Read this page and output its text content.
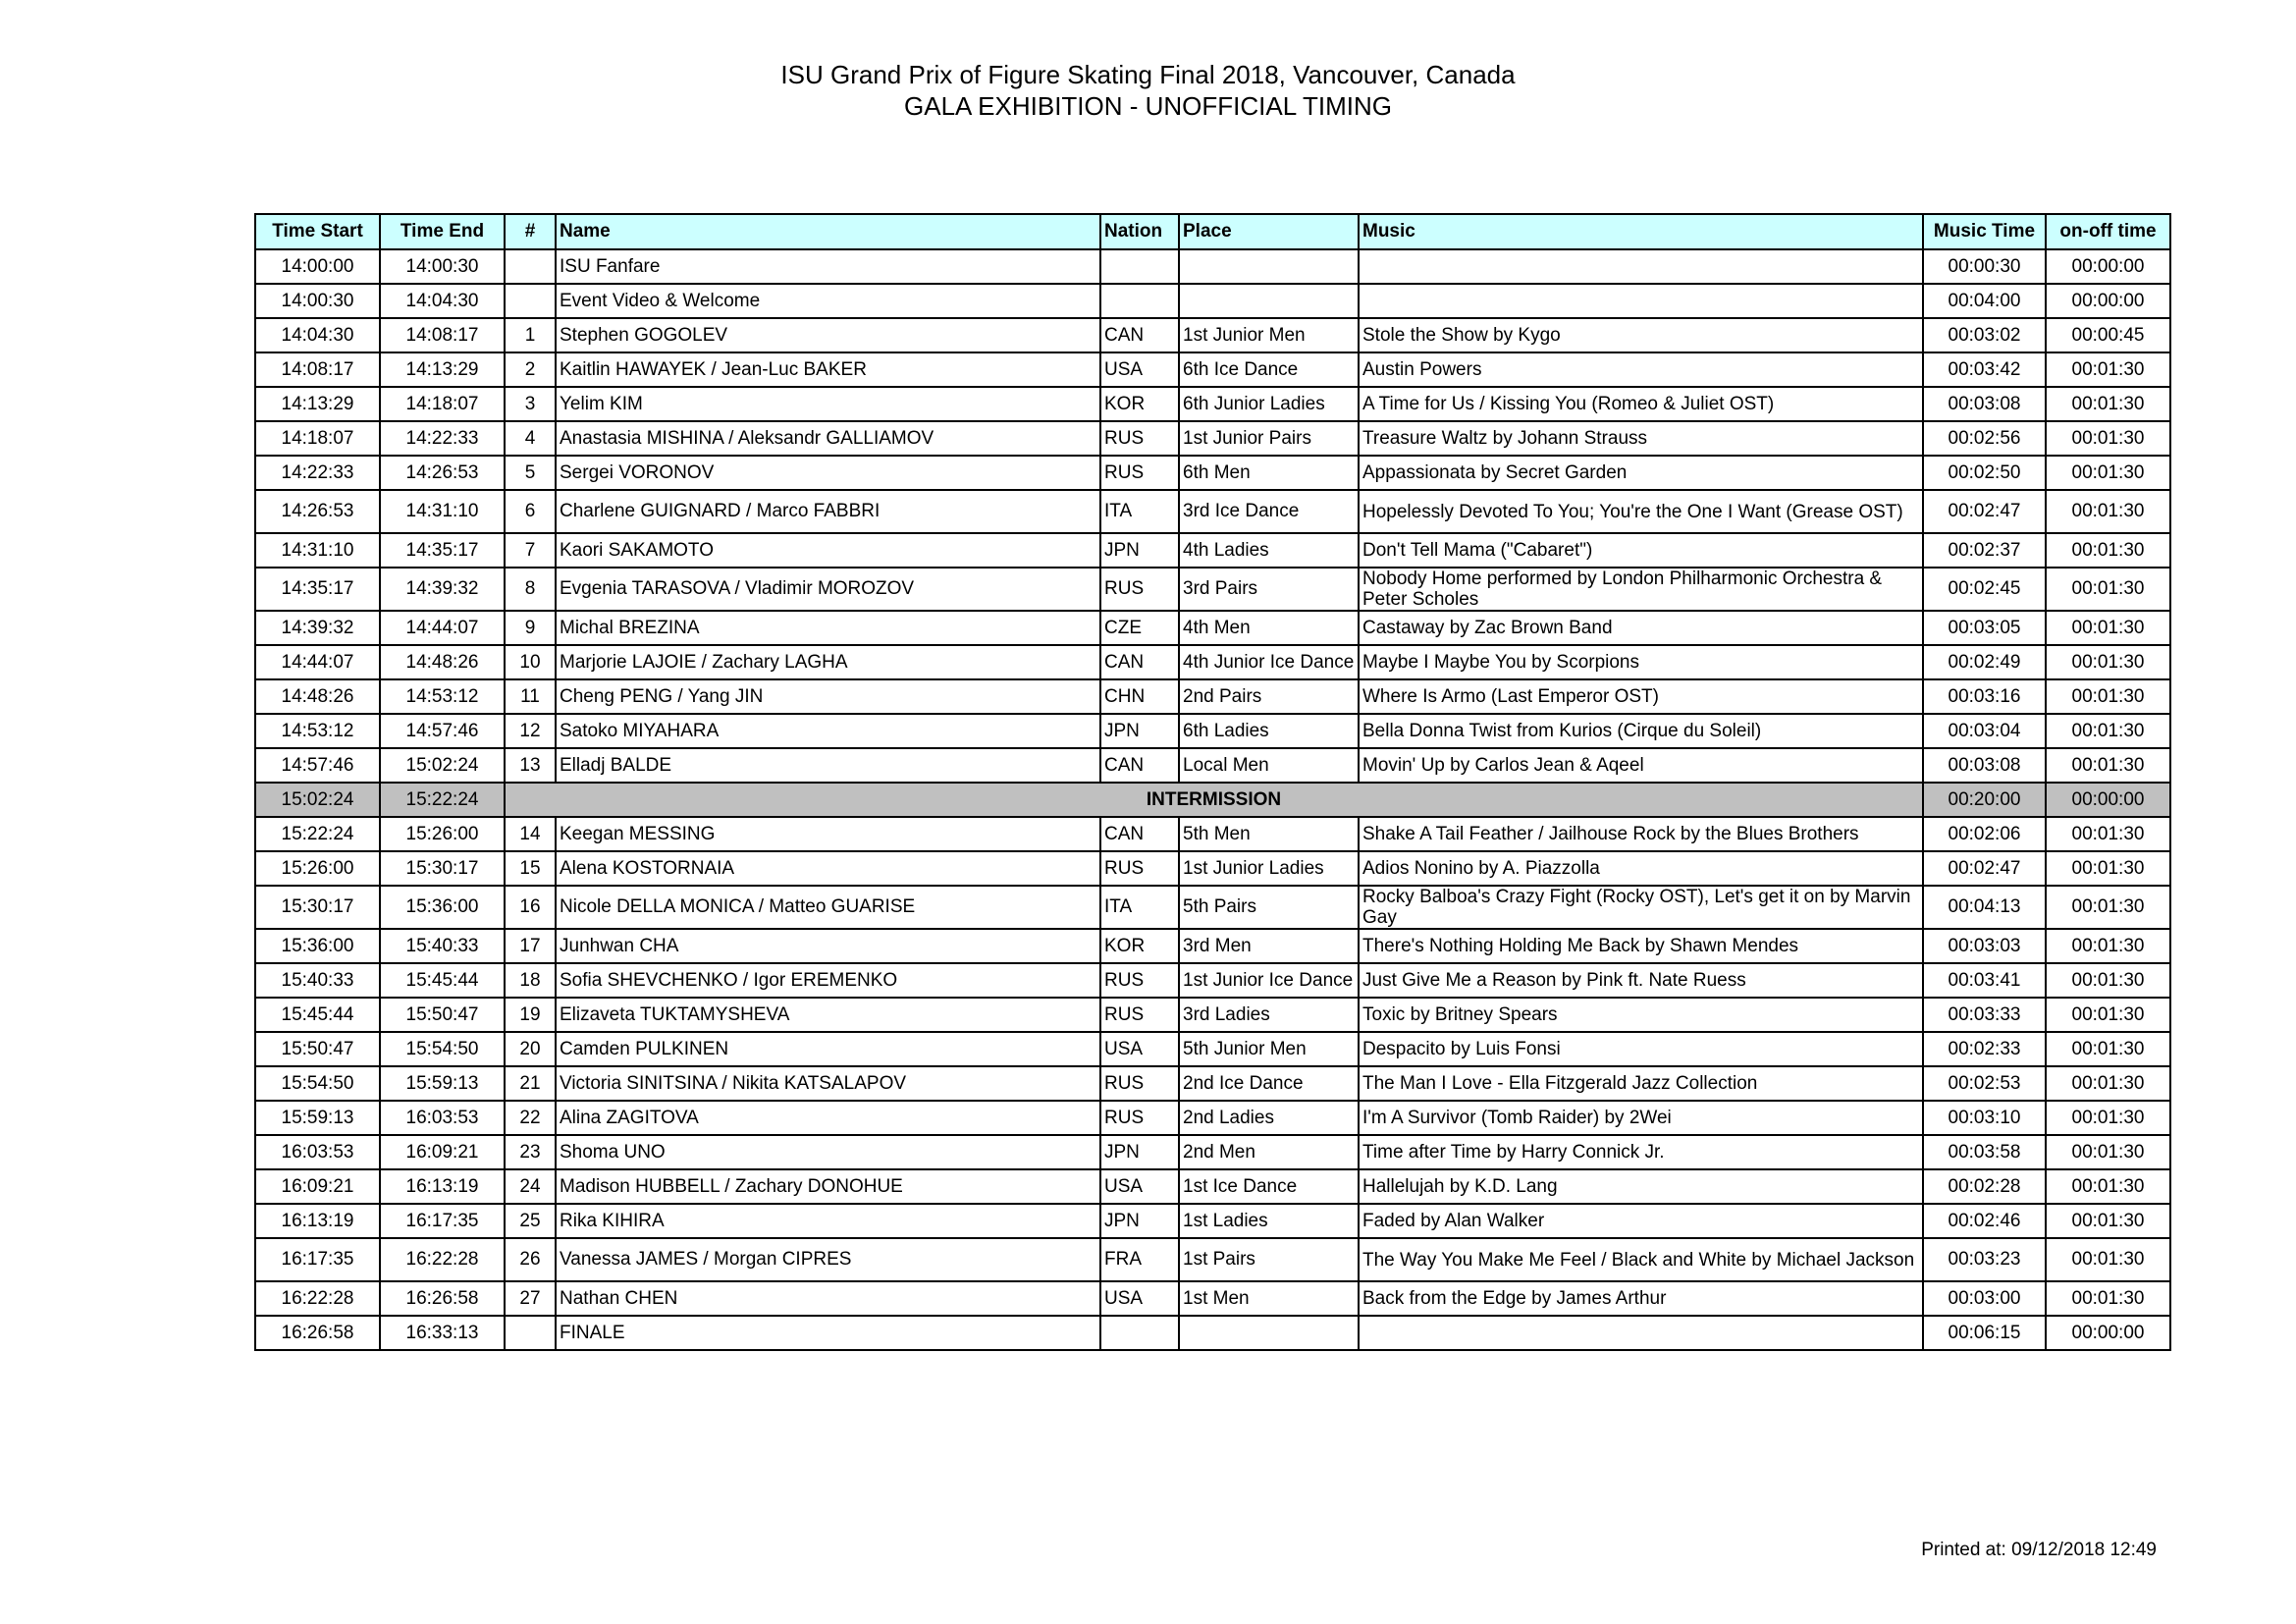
ISU Grand Prix of Figure Skating Final 2018, Vancouver, Canada
GALA EXHIBITION - UNOFFICIAL TIMING
Time Start	Time End	#	Name	Nation	Place	Music	Music Time	on-off time
14:00:00	14:00:30		ISU Fanfare				00:00:30	00:00:00
14:00:30	14:04:30		Event Video & Welcome				00:04:00	00:00:00
14:04:30	14:08:17	1	Stephen GOGOLEV	CAN	1st Junior Men	Stole the Show by Kygo	00:03:02	00:00:45
14:08:17	14:13:29	2	Kaitlin HAWAYEK / Jean-Luc BAKER	USA	6th Ice Dance	Austin Powers	00:03:42	00:01:30
14:13:29	14:18:07	3	Yelim KIM	KOR	6th Junior Ladies	A Time for Us / Kissing You (Romeo & Juliet OST)	00:03:08	00:01:30
14:18:07	14:22:33	4	Anastasia MISHINA / Aleksandr GALLIAMOV	RUS	1st Junior Pairs	Treasure Waltz by Johann Strauss	00:02:56	00:01:30
14:22:33	14:26:53	5	Sergei VORONOV	RUS	6th Men	Appassionata by Secret Garden	00:02:50	00:01:30
14:26:53	14:31:10	6	Charlene GUIGNARD / Marco FABBRI	ITA	3rd Ice Dance	Hopelessly Devoted To You; You're the One I Want (Grease OST)	00:02:47	00:01:30
14:31:10	14:35:17	7	Kaori SAKAMOTO	JPN	4th Ladies	Don't Tell Mama ("Cabaret")	00:02:37	00:01:30
14:35:17	14:39:32	8	Evgenia TARASOVA / Vladimir MOROZOV	RUS	3rd Pairs	Nobody Home performed by London Philharmonic Orchestra & Peter Scholes	00:02:45	00:01:30
14:39:32	14:44:07	9	Michal BREZINA	CZE	4th Men	Castaway by Zac Brown Band	00:03:05	00:01:30
14:44:07	14:48:26	10	Marjorie LAJOIE / Zachary LAGHA	CAN	4th Junior Ice Dance	Maybe I Maybe You by Scorpions	00:02:49	00:01:30
14:48:26	14:53:12	11	Cheng PENG / Yang JIN	CHN	2nd Pairs	Where Is Armo (Last Emperor OST)	00:03:16	00:01:30
14:53:12	14:57:46	12	Satoko MIYAHARA	JPN	6th Ladies	Bella Donna Twist from Kurios (Cirque du Soleil)	00:03:04	00:01:30
14:57:46	15:02:24	13	Elladj BALDE	CAN	Local Men	Movin' Up by Carlos Jean & Aqeel	00:03:08	00:01:30
15:02:24	15:22:24	INTERMISSION					00:20:00	00:00:00
15:22:24	15:26:00	14	Keegan MESSING	CAN	5th Men	Shake A Tail Feather / Jailhouse Rock by the Blues Brothers	00:02:06	00:01:30
15:26:00	15:30:17	15	Alena KOSTORNAIA	RUS	1st Junior Ladies	Adios Nonino by A. Piazzolla	00:02:47	00:01:30
15:30:17	15:36:00	16	Nicole DELLA MONICA / Matteo GUARISE	ITA	5th Pairs	Rocky Balboa's Crazy Fight (Rocky OST), Let's get it on by Marvin Gay	00:04:13	00:01:30
15:36:00	15:40:33	17	Junhwan CHA	KOR	3rd Men	There's Nothing Holding Me Back by Shawn Mendes	00:03:03	00:01:30
15:40:33	15:45:44	18	Sofia SHEVCHENKO / Igor EREMENKO	RUS	1st Junior Ice Dance	Just Give Me a Reason by Pink ft. Nate Ruess	00:03:41	00:01:30
15:45:44	15:50:47	19	Elizaveta TUKTAMYSHEVA	RUS	3rd Ladies	Toxic by Britney Spears	00:03:33	00:01:30
15:50:47	15:54:50	20	Camden PULKINEN	USA	5th Junior Men	Despacito by Luis Fonsi	00:02:33	00:01:30
15:54:50	15:59:13	21	Victoria SINITSINA / Nikita KATSALAPOV	RUS	2nd Ice Dance	The Man I Love - Ella Fitzgerald Jazz Collection	00:02:53	00:01:30
15:59:13	16:03:53	22	Alina ZAGITOVA	RUS	2nd Ladies	I'm A Survivor (Tomb Raider) by 2Wei	00:03:10	00:01:30
16:03:53	16:09:21	23	Shoma UNO	JPN	2nd Men	Time after Time by Harry Connick Jr.	00:03:58	00:01:30
16:09:21	16:13:19	24	Madison HUBBELL / Zachary DONOHUE	USA	1st Ice Dance	Hallelujah by K.D. Lang	00:02:28	00:01:30
16:13:19	16:17:35	25	Rika KIHIRA	JPN	1st Ladies	Faded by Alan Walker	00:02:46	00:01:30
16:17:35	16:22:28	26	Vanessa JAMES / Morgan CIPRES	FRA	1st Pairs	The Way You Make Me Feel / Black and White by Michael Jackson	00:03:23	00:01:30
16:22:28	16:26:58	27	Nathan CHEN	USA	1st Men	Back from the Edge by James Arthur	00:03:00	00:01:30
16:26:58	16:33:13		FINALE				00:06:15	00:00:00
Printed at: 09/12/2018 12:49
